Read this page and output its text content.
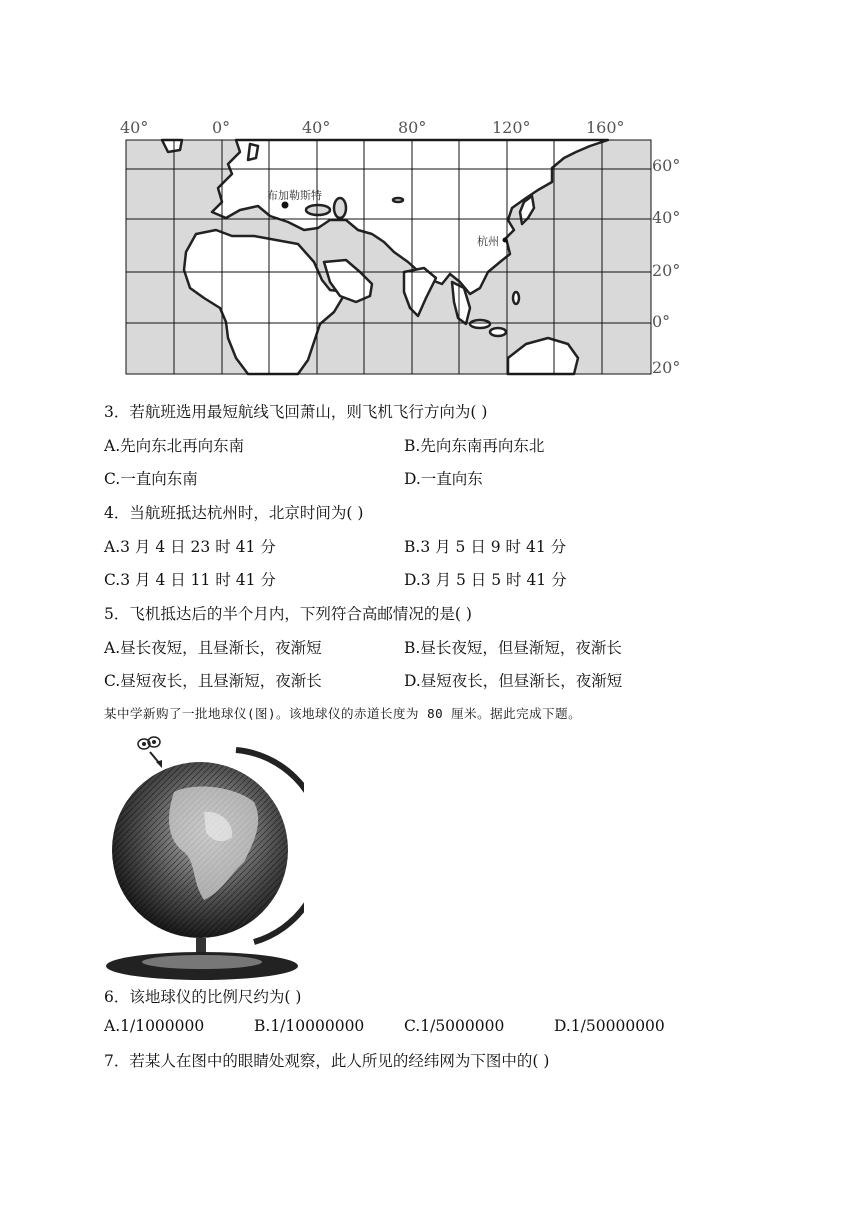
40°	0°	40°	80°	120°	160°
60°
40°
20°
0°
20°
布加勒斯特
杭州
3．若航班选用最短航线飞回萧山，则飞机飞行方向为( )
A.先向东北再向东南	B.先向东南再向东北
C.一直向东南	D.一直向东
4．当航班抵达杭州时，北京时间为( )
A.3 月 4 日 23 时 41 分	B.3 月 5 日 9 时 41 分
C.3 月 4 日 11 时 41 分	D.3 月 5 日 5 时 41 分
5．飞机抵达后的半个月内，下列符合高邮情况的是( )
A.昼长夜短，且昼渐长，夜渐短	B.昼长夜短，但昼渐短，夜渐长
C.昼短夜长，且昼渐短，夜渐长	D.昼短夜长，但昼渐长，夜渐短
某中学新购了一批地球仪(图)。该地球仪的赤道长度为 80 厘米。据此完成下题。
6．该地球仪的比例尺约为( )
A.1/1000000	B.1/10000000	C.1/5000000	D.1/50000000
7．若某人在图中的眼睛处观察，此人所见的经纬网为下图中的( )
